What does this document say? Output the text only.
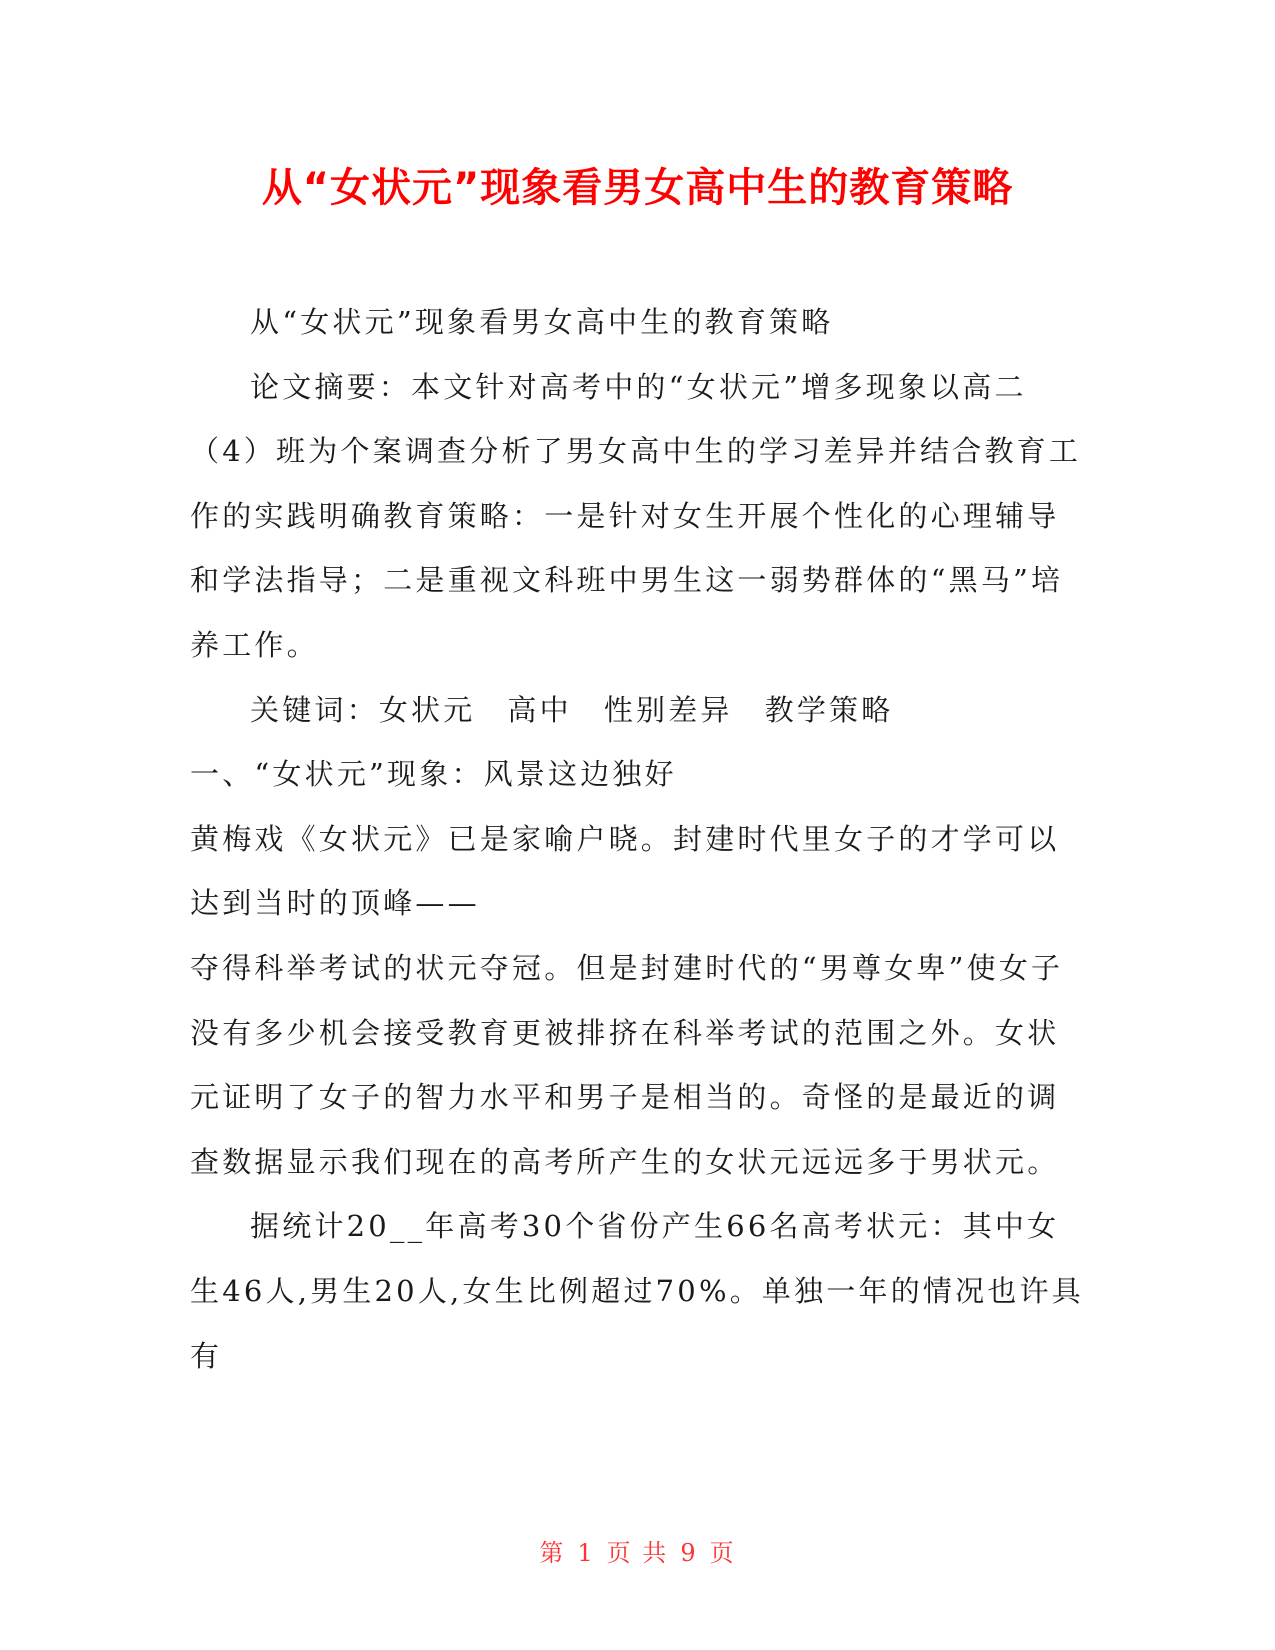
从“女状元”现象看男女高中生的教育策略

从“女状元”现象看男女高中生的教育策略

论文摘要：本文针对高考中的“女状元”增多现象以高二（4）班为个案调查分析了男女高中生的学习差异并结合教育工作的实践明确教育策略：一是针对女生开展个性化的心理辅导和学法指导；二是重视文科班中男生这一弱势群体的“黑马”培养工作。

关键词：女状元 高中 性别差异 教学策略

一、“女状元”现象：风景这边独好

黄梅戏《女状元》已是家喻户晓。封建时代里女子的才学可以达到当时的顶峰——

夺得科举考试的状元夺冠。但是封建时代的“男尊女卑”使女子没有多少机会接受教育更被排挤在科举考试的范围之外。女状元证明了女子的智力水平和男子是相当的。奇怪的是最近的调查数据显示我们现在的高考所产生的女状元远远多于男状元。

据统计20__年高考30个省份产生66名高考状元：其中女生46人,男生20人,女生比例超过70%。单独一年的情况也许具有

第 1 页 共 9 页
